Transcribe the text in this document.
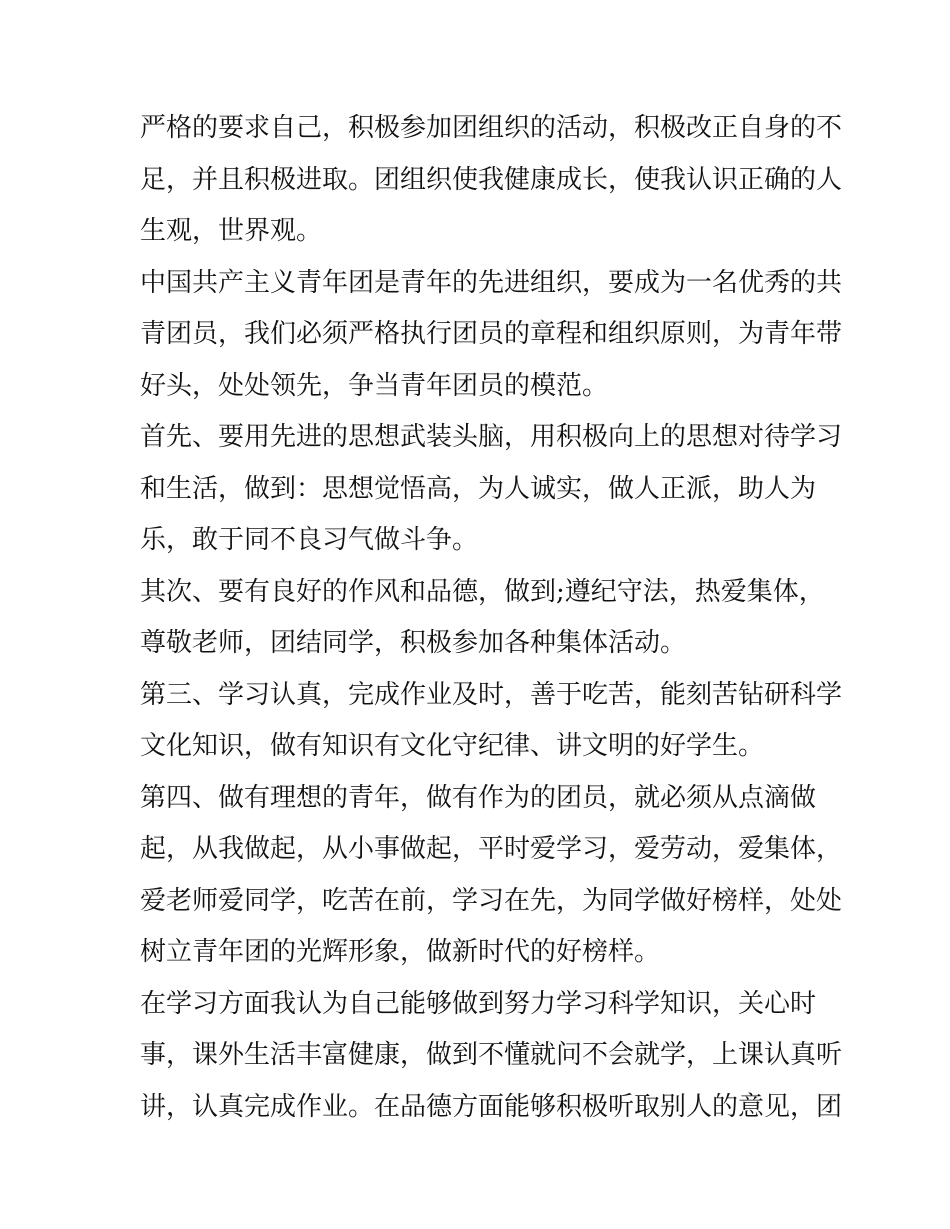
严格的要求自己，积极参加团组织的活动，积极改正自身的不
足，并且积极进取。团组织使我健康成长，使我认识正确的人
生观，世界观。
中国共产主义青年团是青年的先进组织，要成为一名优秀的共
青团员，我们必须严格执行团员的章程和组织原则，为青年带
好头，处处领先，争当青年团员的模范。
首先、要用先进的思想武装头脑，用积极向上的思想对待学习
和生活，做到：思想觉悟高，为人诚实，做人正派，助人为
乐，敢于同不良习气做斗争。
其次、要有良好的作风和品德，做到;遵纪守法，热爱集体，
尊敬老师，团结同学，积极参加各种集体活动。
第三、学习认真，完成作业及时，善于吃苦，能刻苦钻研科学
文化知识，做有知识有文化守纪律、讲文明的好学生。
第四、做有理想的青年，做有作为的团员，就必须从点滴做
起，从我做起，从小事做起，平时爱学习，爱劳动，爱集体，
爱老师爱同学，吃苦在前，学习在先，为同学做好榜样，处处
树立青年团的光辉形象，做新时代的好榜样。
在学习方面我认为自己能够做到努力学习科学知识，关心时
事，课外生活丰富健康，做到不懂就问不会就学，上课认真听
讲，认真完成作业。在品德方面能够积极听取别人的意见，团
